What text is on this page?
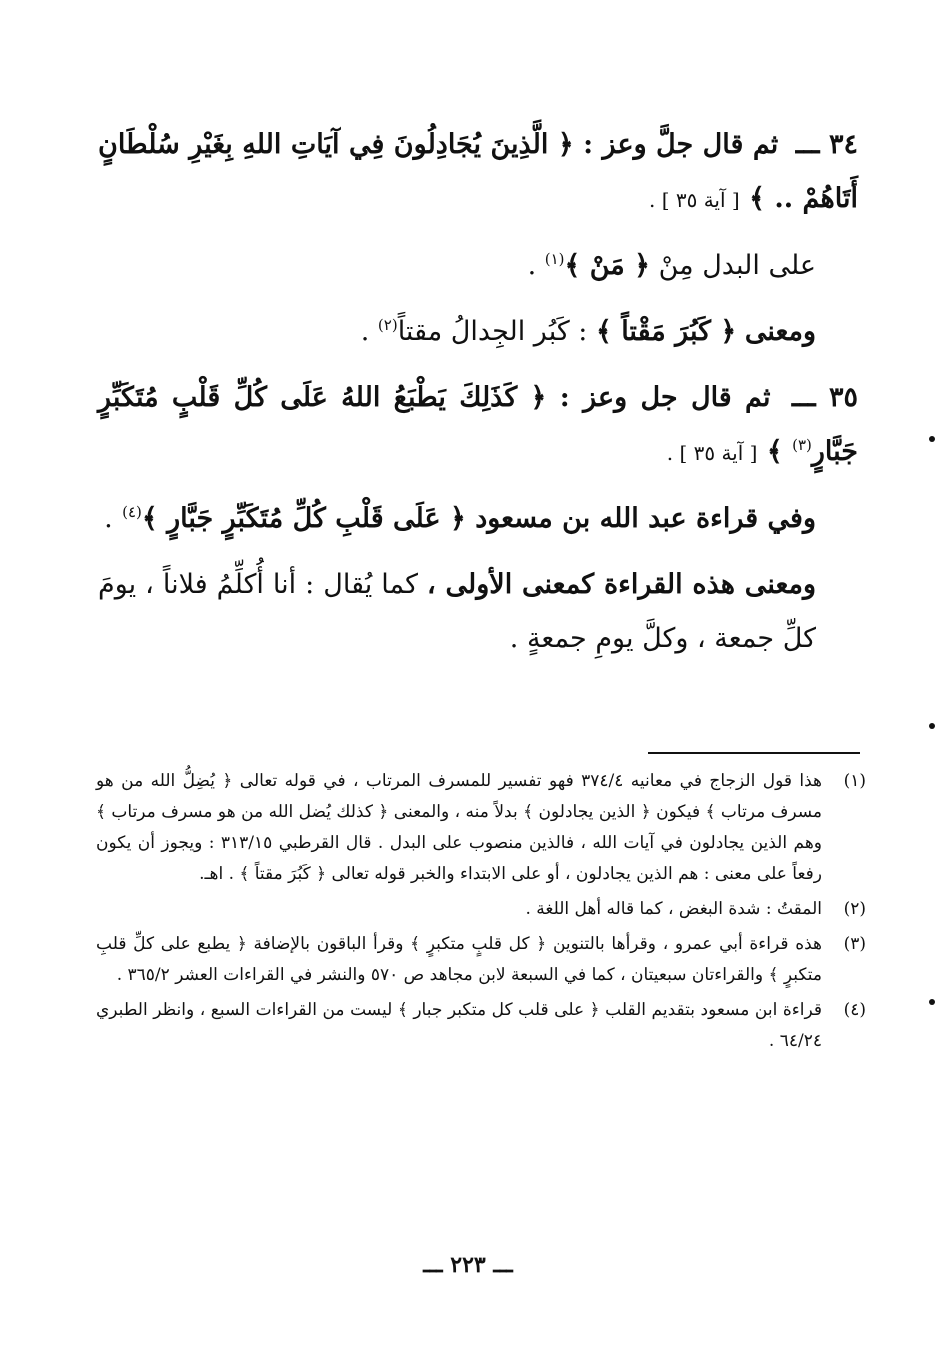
٣٤ ـــ ثم قال جلَّ وعز : ﴿ الَّذِينَ يُجَادِلُونَ فِي آيَاتِ اللهِ بِغَيْرِ سُلْطَانٍ أَتَاهُمْ .. ﴾ [ آية ٣٥ ] .

على البدل مِنْ ﴿ مَنْ ﴾$^{(١)}$ .

ومعنى ﴿ كَبُرَ مَقْتاً ﴾ : كَبُر الجِدالُ مقتاً$^{(٢)}$ .

٣٥ ـــ ثم قال جل وعز : ﴿ كَذَلِكَ يَطْبَعُ اللهُ عَلَى كُلِّ قَلْبٍ مُتَكَبِّرٍ جَبَّارٍ$^{(٣)}$ ﴾ [ آية ٣٥ ] .

وفي قراءة عبد الله بن مسعود ﴿ عَلَى قَلْبِ كُلِّ مُتَكَبِّرٍ جَبَّارٍ ﴾$^{(٤)}$ .

ومعنى هذه القراءة كمعنى الأولى ، كما يُقال : أنا أُكلِّمُ فلاناً ، يومَ كلِّ جمعة ، وكلَّ يومِ جمعةٍ .

(١)
هذا قول الزجاج في معانيه ٣٧٤/٤ فهو تفسير للمسرف المرتاب ، في قوله تعالى ﴿ يُضِلُّ الله من هو مسرف مرتاب ﴾ فيكون ﴿ الذين يجادلون ﴾ بدلاً منه ، والمعنى ﴿ كذلك يُضل الله من هو مسرف مرتاب ﴾ وهم الذين يجادلون في آيات الله ، فالذين منصوب على البدل . قال القرطبي ٣١٣/١٥ : ويجوز أن يكون رفعاً على معنى : هم الذين يجادلون ، أو على الابتداء والخبر قوله تعالى ﴿ كَبُرَ مقتاً ﴾ . اهـ.
(٢)
المقتُ : شدة البغض ، كما قاله أهل اللغة .
(٣)
هذه قراءة أبي عمرو ، وقرأها بالتنوين ﴿ كل قلبٍ متكبرٍ ﴾ وقرأ الباقون بالإضافة ﴿ يطبع على كلِّ قلبِ متكبرٍ ﴾ والقراءتان سبعيتان ، كما في السبعة لابن مجاهد ص ٥٧٠ والنشر في القراءات العشر ٣٦٥/٢ .
(٤)
قراءة ابن مسعود بتقديم القلب ﴿ على قلب كل متكبر جبار ﴾ ليست من القراءات السبع ، وانظر الطبري ٦٤/٢٤ .
ـــ ٢٢٣ ـــ
